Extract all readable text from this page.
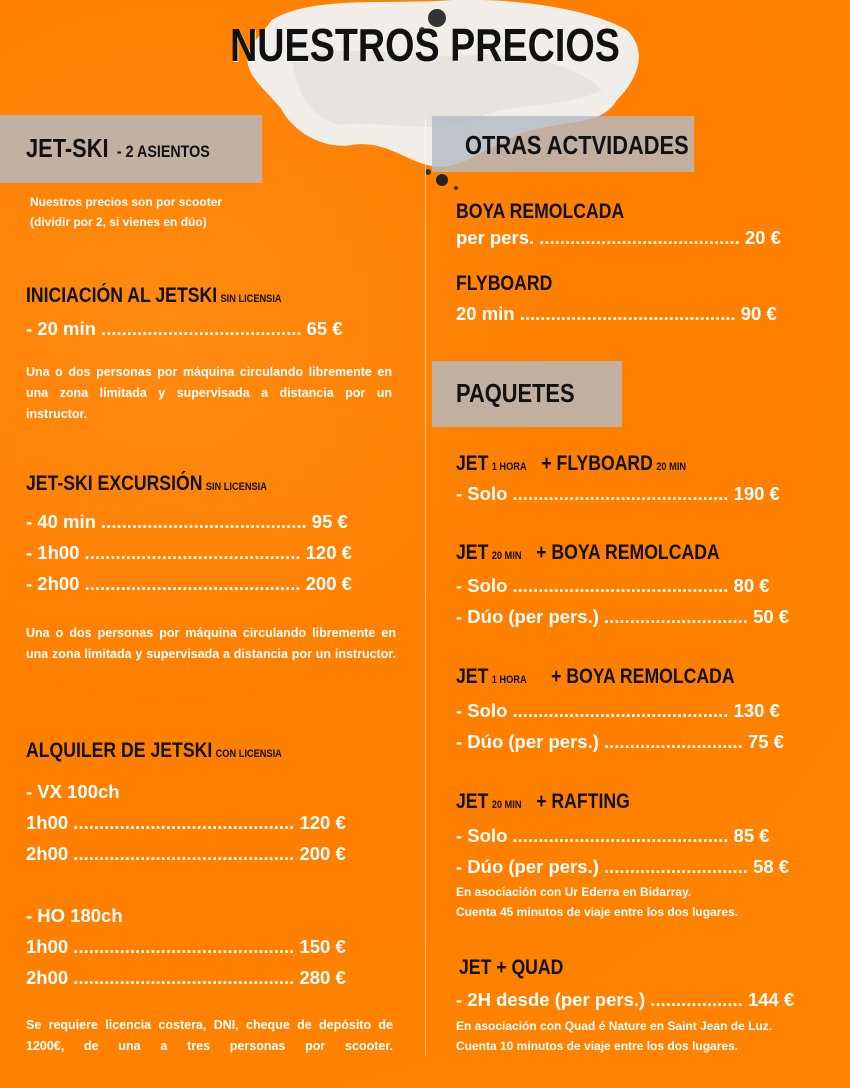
NUESTROS PRECIOS
JET-SKI - 2 ASIENTOS
Nuestros precios son por scooter
(dividir por 2, si vienes en dúo)
INICIACIÓN AL JETSKI SIN LICENSIA
- 20 min ....................................... 65 €
Una o dos personas por máquina circulando libremente en una zona limitada y supervisada a distancia por un instructor.
JET-SKI EXCURSIÓN SIN LICENSIA
- 40 min ........................................ 95 €
- 1h00 .......................................... 120 €
- 2h00 .......................................... 200 €
Una o dos personas por máquina circulando libremente en una zona limitada y supervisada a distancia por un instructor.
ALQUILER DE JETSKI CON LICENSIA
- VX 100ch
1h00 ........................................... 120 €
2h00 ........................................... 200 €
- HO 180ch
1h00 ........................................... 150 €
2h00 ........................................... 280 €
Se requiere licencia costera, DNI, cheque de depósito de 1200€, de una a tres personas por scooter.
OTRAS ACTVIDADES
BOYA REMOLCADA
per pers. ....................................... 20 €
FLYBOARD
20 min .......................................... 90 €
PAQUETES
JET 1 HORA + FLYBOARD 20 MIN
- Solo .......................................... 190 €
JET 20 MIN + BOYA REMOLCADA
- Solo .......................................... 80 €
- Dúo (per pers.) ............................ 50 €
JET 1 HORA + BOYA REMOLCADA
- Solo .......................................... 130 €
- Dúo (per pers.) ........................... 75 €
JET 20 MIN + RAFTING
- Solo .......................................... 85 €
- Dúo (per pers.) ............................ 58 €
En asociación con Ur Ederra en Bidarray.
Cuenta 45 minutos de viaje entre los dos lugares.
JET + QUAD
- 2H desde (per pers.) .................. 144 €
En asociación con Quad é Nature en Saint Jean de Luz.
Cuenta 10 minutos de viaje entre los dos lugares.
